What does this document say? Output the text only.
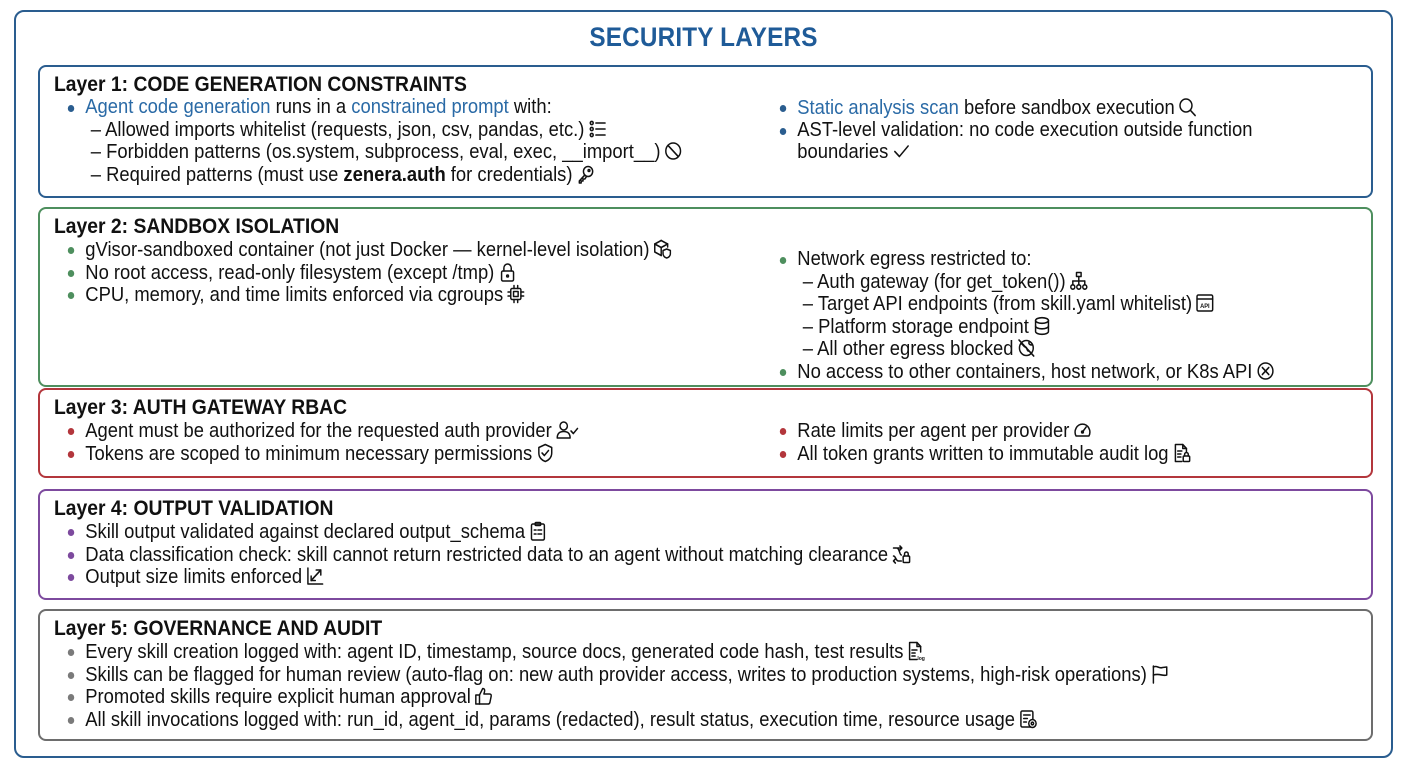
SECURITY LAYERS
Layer 1: CODE GENERATION CONSTRAINTS
Agent code generation runs in a constrained prompt with:
– Allowed imports whitelist (requests, json, csv, pandas, etc.)
– Forbidden patterns (os.system, subprocess, eval, exec, __import__)
– Required patterns (must use zenera.auth for credentials)
Static analysis scan before sandbox execution
AST-level validation: no code execution outside function boundaries
Layer 2: SANDBOX ISOLATION
gVisor-sandboxed container (not just Docker — kernel-level isolation)
No root access, read-only filesystem (except /tmp)
CPU, memory, and time limits enforced via cgroups
Network egress restricted to:
– Auth gateway (for get_token())
– Target API endpoints (from skill.yaml whitelist) API
– Platform storage endpoint
– All other egress blocked
No access to other containers, host network, or K8s API
Layer 3: AUTH GATEWAY RBAC
Agent must be authorized for the requested auth provider
Tokens are scoped to minimum necessary permissions
Rate limits per agent per provider
All token grants written to immutable audit log
Layer 4: OUTPUT VALIDATION
Skill output validated against declared output_schema
Data classification check: skill cannot return restricted data to an agent without matching clearance
Output size limits enforced
Layer 5: GOVERNANCE AND AUDIT
Every skill creation logged with: agent ID, timestamp, source docs, generated code hash, test results	log
Skills can be flagged for human review (auto-flag on: new auth provider access, writes to production systems, high-risk operations)
Promoted skills require explicit human approval
All skill invocations logged with: run_id, agent_id, params (redacted), result status, execution time, resource usage
